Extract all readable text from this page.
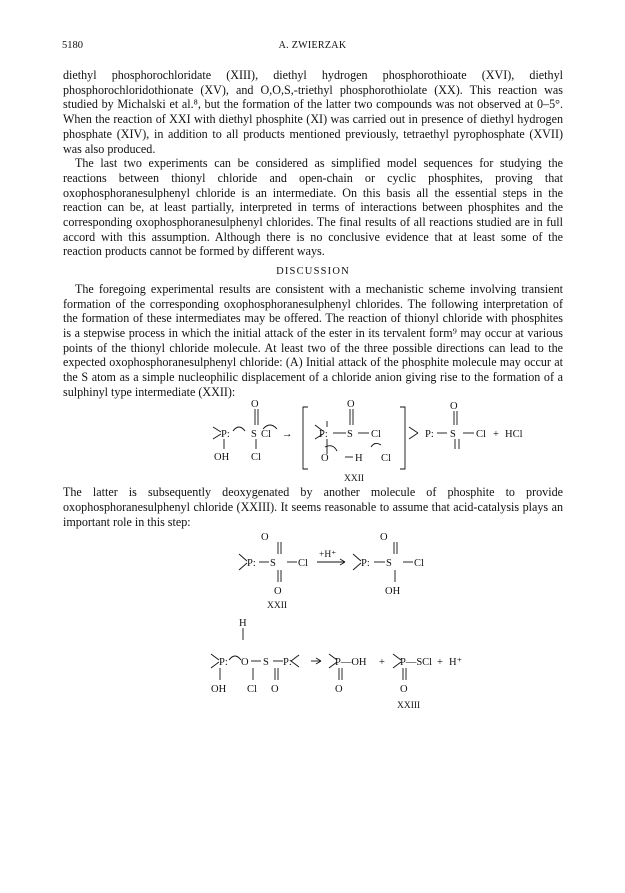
5180	A. ZWIERZAK

diethyl phosphorochloridate (XIII), diethyl hydrogen phosphorothioate (XVI), diethyl phosphorochloridothionate (XV), and O,O,S,-triethyl phosphorothiolate (XX). This reaction was studied by Michalski et al.⁸, but the formation of the latter two compounds was not observed at 0–5°. When the reaction of XXI with diethyl phosphite (XI) was carried out in presence of diethyl hydrogen phosphate (XIV), in addition to all products mentioned previously, tetraethyl pyrophosphate (XVII) was also produced.

The last two experiments can be considered as simplified model sequences for studying the reactions between thionyl chloride and open-chain or cyclic phosphites, proving that oxophosphoranesulphenyl chloride is an intermediate. On this basis all the essential steps in the reaction can be, at least partially, interpreted in terms of interactions between phosphites and the corresponding oxophosphoranesulphenyl chlorides. The final results of all reactions studied are in full accord with this assumption. Although there is no conclusive evidence that at least some of the reaction products cannot be formed by different ways.

DISCUSSION

The foregoing experimental results are consistent with a mechanistic scheme involving transient formation of the corresponding oxophosphoranesulphenyl chlorides. The following interpretation of the formation of these intermediates may be offered. The reaction of thionyl chloride with phosphites is a stepwise process in which the initial attack of the ester in its tervalent form⁹ may occur at various points of the thionyl chloride molecule. At least two of the three possible directions can lead to the expected oxophosphoranesulphenyl chloride: (A) Initial attack of the phosphite molecule may occur at the S atom as a simple nucleophilic displacement of a chloride anion giving rise to the formation of a sulphinyl type intermediate (XXII):

P:
OH
O
S Cl
Cl
→
O
P: S Cl
O	H Cl
P:
O
S Cl + HCl
XXII

The latter is subsequently deoxygenated by another molecule of phosphite to provide oxophosphoranesulphenyl chloride (XXIII). It seems reasonable to assume that acid-catalysis plays an important role in this step:

O
P: S Cl
O
+H⁺
O
P: S Cl
OH
XXII
H
P:
OH
O S P:
Cl O
P—OH
O
+ P—SCl
O
+ H⁺
XXIII
